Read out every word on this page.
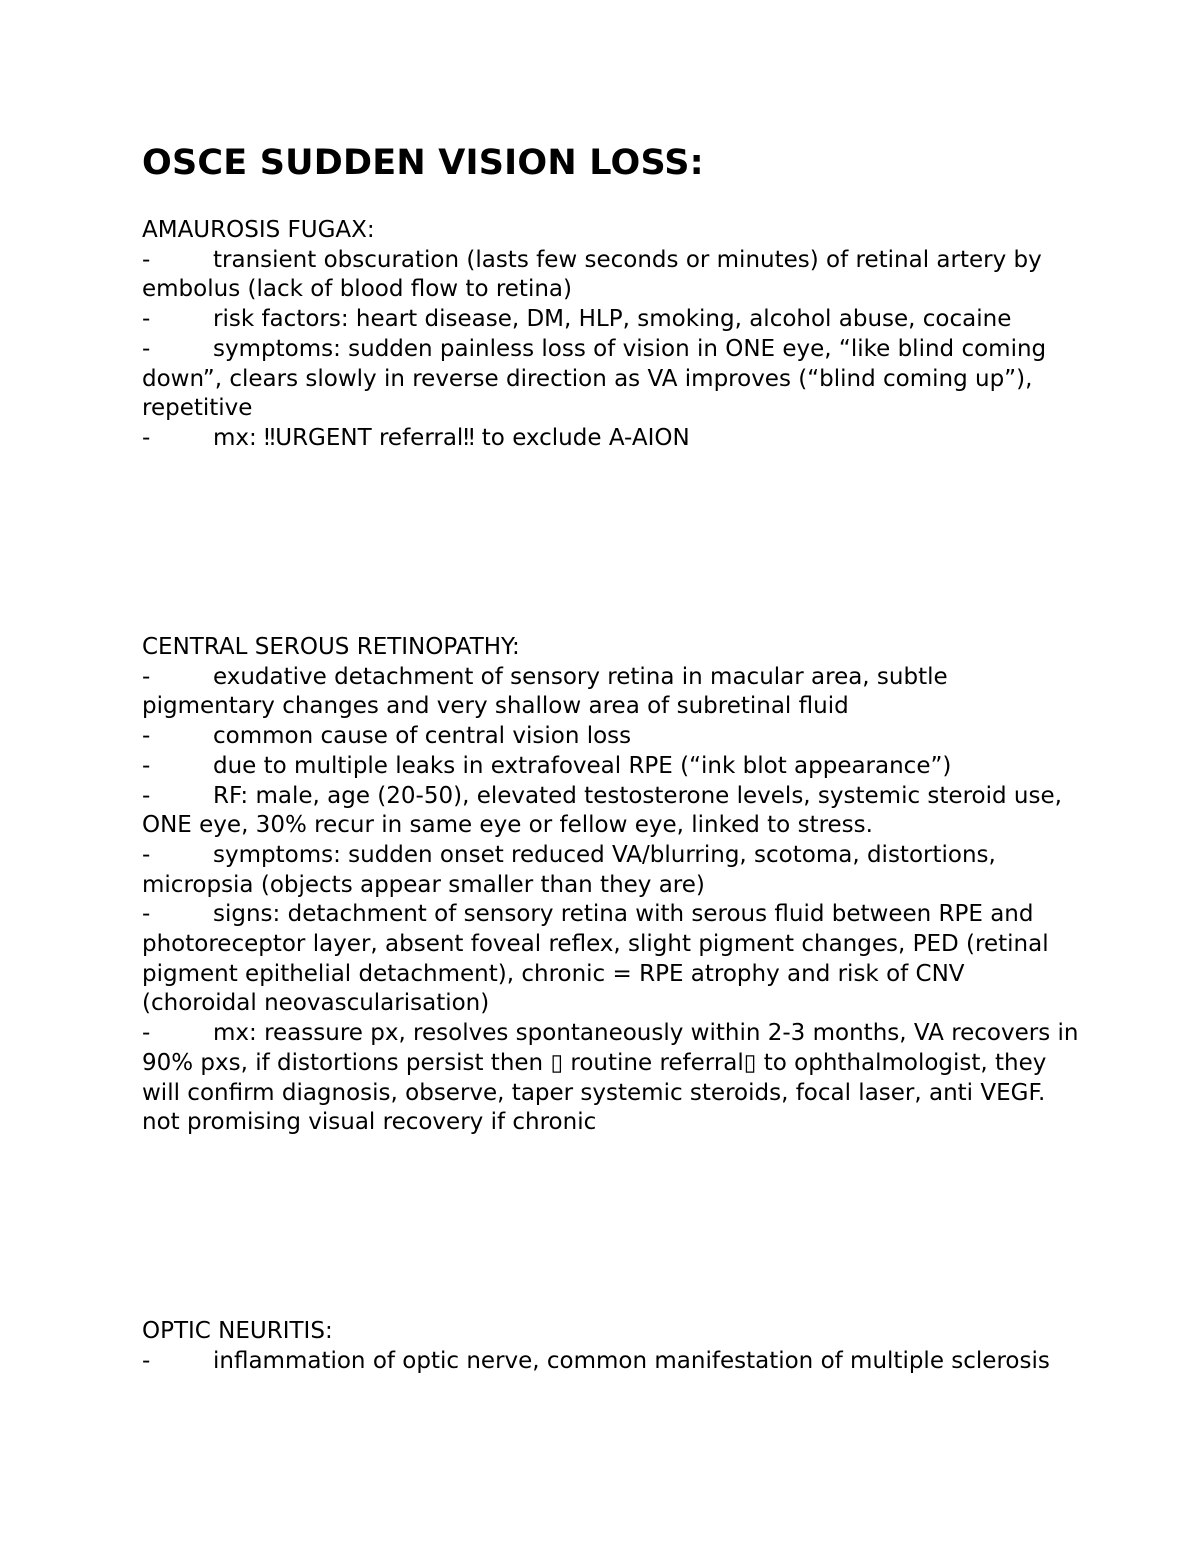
OSCE SUDDEN VISION LOSS:

AMAUROSIS FUGAX:

-	transient obscuration (lasts few seconds or minutes) of retinal artery by embolus (lack of blood flow to retina)

-	risk factors: heart disease, DM, HLP, smoking, alcohol abuse, cocaine

-	symptoms: sudden painless loss of vision in ONE eye, “like blind coming down”, clears slowly in reverse direction as VA improves (“blind coming up”), repetitive

-	mx: ‼URGENT referral‼ to exclude A-AION

CENTRAL SEROUS RETINOPATHY:

-	exudative detachment of sensory retina in macular area, subtle pigmentary changes and very shallow area of subretinal fluid

-	common cause of central vision loss

-	due to multiple leaks in extrafoveal RPE (“ink blot appearance”)

-	RF: male, age (20-50), elevated testosterone levels, systemic steroid use, ONE eye, 30% recur in same eye or fellow eye, linked to stress.

-	symptoms: sudden onset reduced VA/blurring, scotoma, distortions, micropsia (objects appear smaller than they are)

-	signs: detachment of sensory retina with serous fluid between RPE and photoreceptor layer, absent foveal reflex, slight pigment changes, PED (retinal pigment epithelial detachment), chronic = RPE atrophy and risk of CNV (choroidal neovascularisation)

-	mx: reassure px, resolves spontaneously within 2-3 months, VA recovers in 90% pxs, if distortions persist then ▯ routine referral▯ to ophthalmologist, they will confirm diagnosis, observe, taper systemic steroids, focal laser, anti VEGF. not promising visual recovery if chronic

OPTIC NEURITIS:

-	inflammation of optic nerve, common manifestation of multiple sclerosis
